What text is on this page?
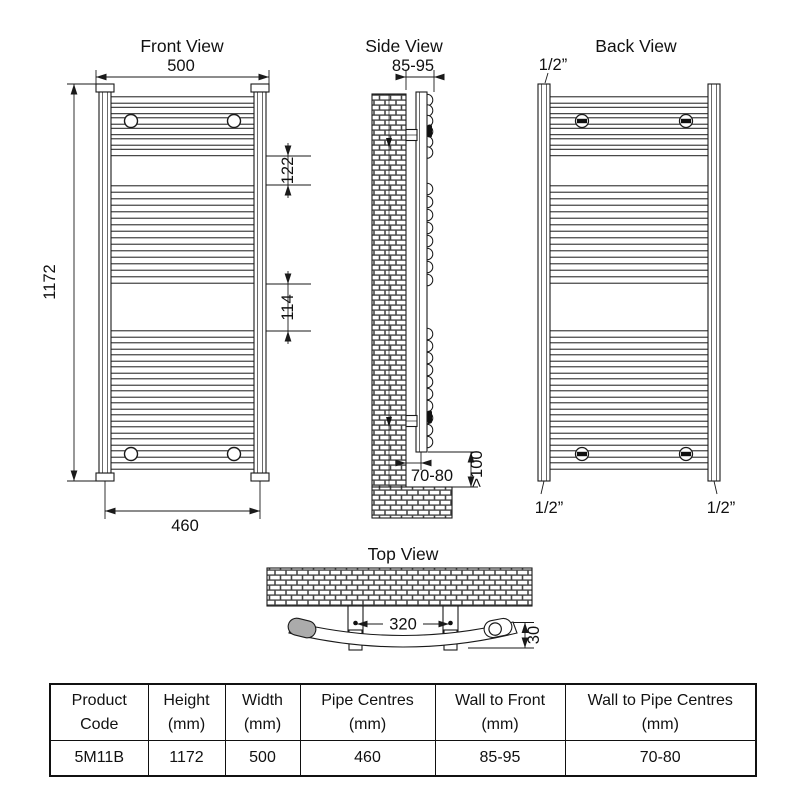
Front View
500
1172
122
114
460
Side View
85-95
70-80 >100
Back View
1/2”
1/2”	1/2”
Top View
320
30
Product
Code

Height
(mm)

Width
(mm)

Pipe Centres
(mm)

Wall to Front
(mm)

Wall to Pipe Centres
(mm)

5M11B	1172	500	460	85-95	70-80
